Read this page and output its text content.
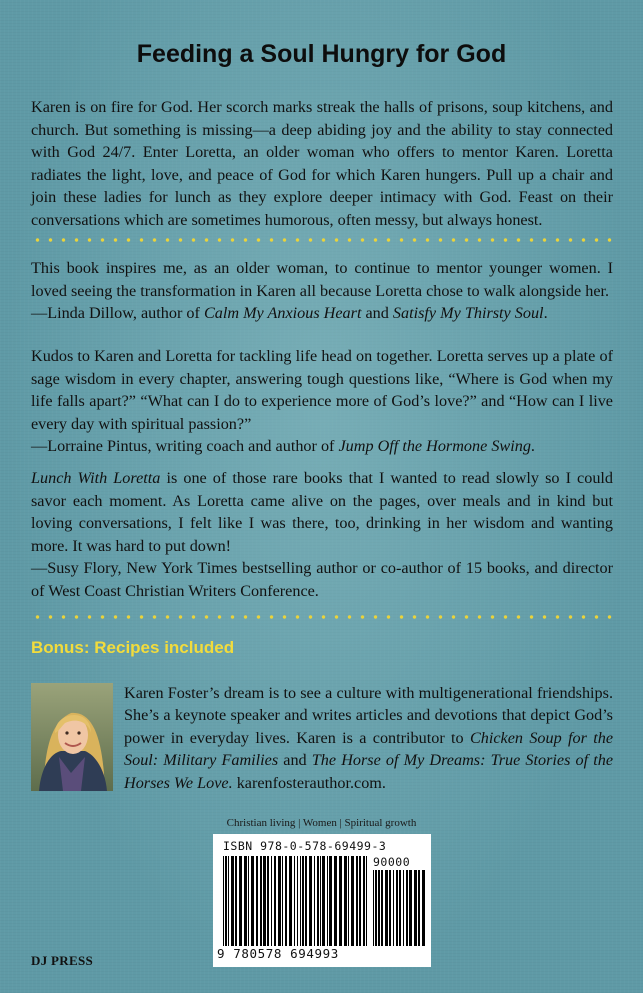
Feeding a Soul Hungry for God

Karen is on fire for God. Her scorch marks streak the halls of prisons, soup kitchens, and church. But something is missing—a deep abiding joy and the ability to stay connected with God 24/7. Enter Loretta, an older woman who offers to mentor Karen. Loretta radiates the light, love, and peace of God for which Karen hungers. Pull up a chair and join these ladies for lunch as they explore deeper intimacy with God. Feast on their conversations which are sometimes humorous, often messy, but always honest.

This book inspires me, as an older woman, to continue to mentor younger women. I loved seeing the transformation in Karen all because Loretta chose to walk alongside her.

—Linda Dillow, author of Calm My Anxious Heart and Satisfy My Thirsty Soul.

Kudos to Karen and Loretta for tackling life head on together. Loretta serves up a plate of sage wisdom in every chapter, answering tough questions like, “Where is God when my life falls apart?” “What can I do to experience more of God’s love?” and “How can I live every day with spiritual passion?”

—Lorraine Pintus, writing coach and author of Jump Off the Hormone Swing.

Lunch With Loretta is one of those rare books that I wanted to read slowly so I could savor each moment. As Loretta came alive on the pages, over meals and in kind but loving conversations, I felt like I was there, too, drinking in her wisdom and wanting more. It was hard to put down!

—Susy Flory, New York Times bestselling author or co-author of 15 books, and director of West Coast Christian Writers Conference.

Bonus: Recipes included

Karen Foster’s dream is to see a culture with multigenerational friendships. She’s a keynote speaker and writes articles and devotions that depict God’s power in everyday lives. Karen is a contributor to Chicken Soup for the Soul: Military Families and The Horse of My Dreams: True Stories of the Horses We Love. karenfosterauthor.com.

Christian living | Women | Spiritual growth
ISBN 978-0-578-69499-3
90000
9 780578 694993
DJ PRESS
